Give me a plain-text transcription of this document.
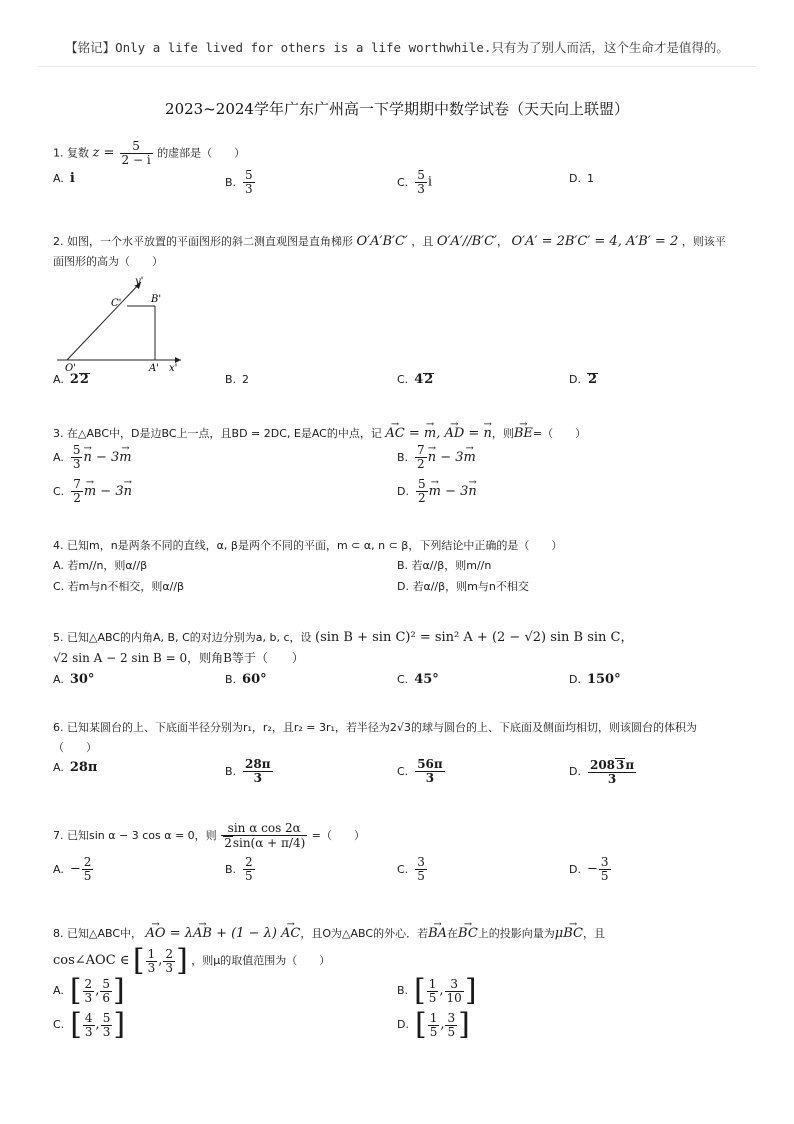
【铭记】Only a life lived for others is a life worthwhile.只有为了别人而活，这个生命才是值得的。
2023~2024学年广东广州高一下学期期中数学试卷（天天向上联盟）
1. 复数 $z = \frac{5}{2 - i}$ 的虚部是（　　）
A. i	B. $\frac{5}{3}$	C. $\frac{5}{3}$ i	D. 1
2. 如图，一个水平放置的平面图形的斜二测直观图是直角梯形 O′A′B′C′ ，且 O′A′//B′C′， O′A′ = 2B′C′ = 4, A′B′ = 2 ，则该平
面图形的高为（　　）
y'
C'	B'
O'	A' x'
A. 22	B. 2	C. 42	D. 2
3. 在△ABC中，D是边BC上一点，且BD = 2DC, E是AC的中点，记 → AC = → m, → AD = → n，则→ BE=（　　）
A. $\frac{5}{3}$
→ n − 3→ m	B. $\frac{7}{2}$
→ n − 3→ m
C. $\frac{7}{2}$
→ m − 3→ n	D. $\frac{5}{2}$
→ m − 3→ n
4. 已知m，n是两条不同的直线，α, β是两个不同的平面，m ⊂ α, n ⊂ β，下列结论中正确的是（　　）
A. 若m//n，则α//β	B. 若α//β，则m//n
C. 若m与n不相交，则α//β	D. 若α//β，则m与n不相交
5. 已知△ABC的内角A, B, C的对边分别为a, b, c，设 (sin B + sin C)² = sin² A + (2 − √2) sin B sin C，
√2 sin A − 2 sin B = 0，则角B等于（　　）
A. 30°	B. 60°	C. 45°	D. 150°
6. 已知某圆台的上、下底面半径分别为r₁，r₂，且r₂ = 3r₁，若半径为2√3的球与圆台的上、下底面及侧面均相切，则该圆台的体积为
（　　）
A. 28π	B. $\frac{28\pi}{3}$	C. $\frac{56\pi}{3}$	D. $\frac{2083\pi}{3}$
7. 已知sin α − 3 cos α = 0，则 $\frac{\text{sin α cos 2α}}{2\sin(\alpha + \pi/4)}$ =（　　）
A. − $\frac{2}{5}$	B. $\frac{2}{5}$	C. $\frac{3}{5}$	D. − $\frac{3}{5}$
8. 已知△ABC中， → AO = λ→ AB + (1 − λ) → AC，且O为△ABC的外心．若→ BA在→ BC上的投影向量为μ→ BC，且
cos∠AOC ∈ [ $\frac{1}{3}$ , $\frac{2}{3}$ ] ，则μ的取值范围为（　　）
A. [ $\frac{2}{3}$ , $\frac{5}{6}$ ]	B. [ $\frac{1}{5}$ , $\frac{3}{10}$ ]
C. [ $\frac{4}{3}$ , $\frac{5}{3}$ ]	D. [ $\frac{1}{5}$ , $\frac{3}{5}$ ]
